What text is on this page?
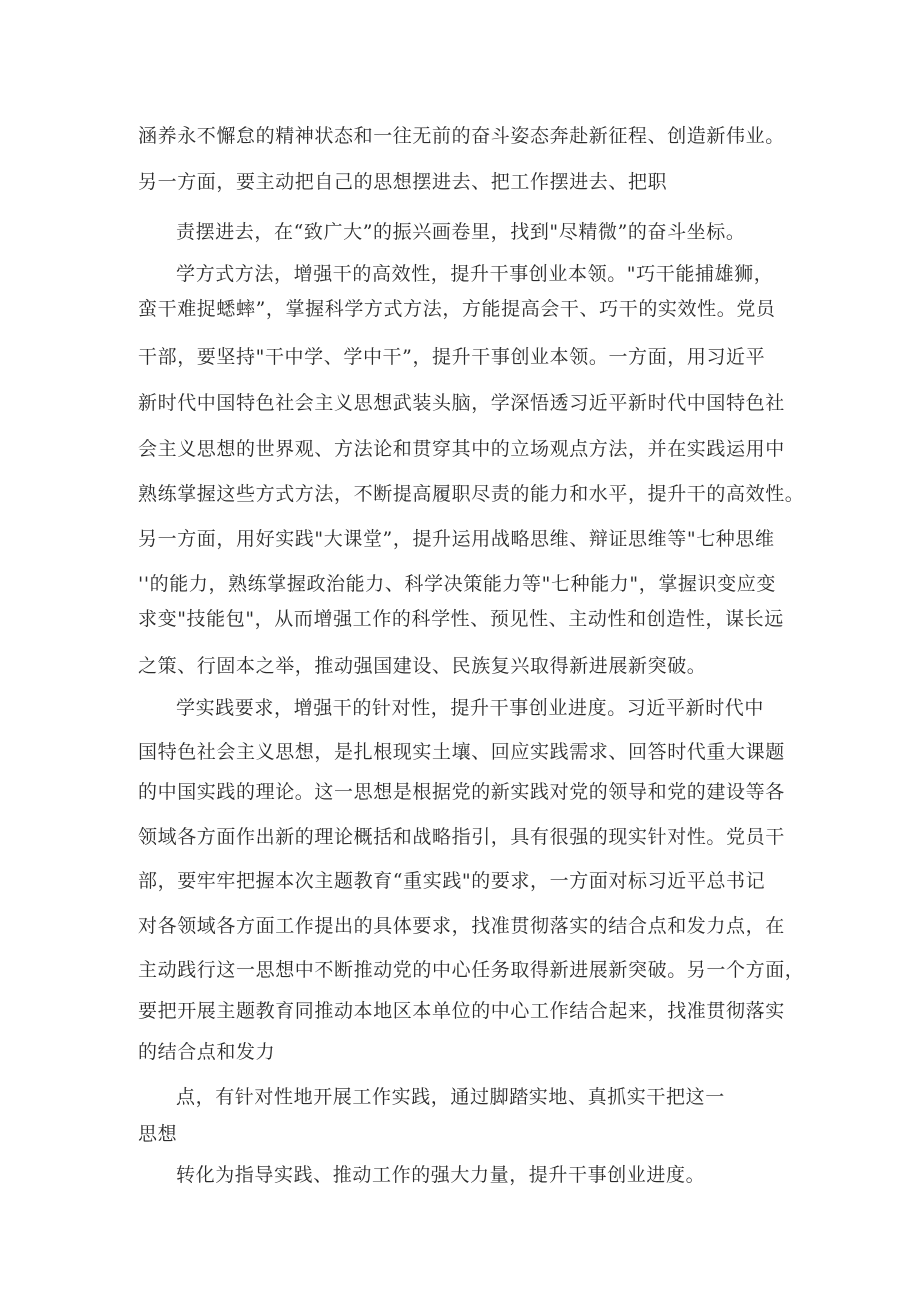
涵养永不懈怠的精神状态和一往无前的奋斗姿态奔赴新征程、创造新伟业。
另一方面，要主动把自己的思想摆进去、把工作摆进去、把职
责摆进去，在“致广大”的振兴画卷里，找到"尽精微”的奋斗坐标。
学方式方法，增强干的高效性，提升干事创业本领。"巧干能捕雄狮，
蛮干难捉蟋蟀”，掌握科学方式方法，方能提高会干、巧干的实效性。党员
干部，要坚持"干中学、学中干”，提升干事创业本领。一方面，用习近平
新时代中国特色社会主义思想武装头脑，学深悟透习近平新时代中国特色社
会主义思想的世界观、方法论和贯穿其中的立场观点方法，并在实践运用中
熟练掌握这些方式方法，不断提高履职尽责的能力和水平，提升干的高效性。
另一方面，用好实践"大课堂”，提升运用战略思维、辩证思维等"七种思维
''的能力，熟练掌握政治能力、科学决策能力等"七种能力"，掌握识变应变
求变"技能包"，从而增强工作的科学性、预见性、主动性和创造性，谋长远
之策、行固本之举，推动强国建设、民族复兴取得新进展新突破。
学实践要求，增强干的针对性，提升干事创业进度。习近平新时代中
国特色社会主义思想，是扎根现实土壤、回应实践需求、回答时代重大课题
的中国实践的理论。这一思想是根据党的新实践对党的领导和党的建设等各
领域各方面作出新的理论概括和战略指引，具有很强的现实针对性。党员干
部，要牢牢把握本次主题教育“重实践"的要求，一方面对标习近平总书记
对各领域各方面工作提出的具体要求，找准贯彻落实的结合点和发力点，在
主动践行这一思想中不断推动党的中心任务取得新进展新突破。另一个方面，
要把开展主题教育同推动本地区本单位的中心工作结合起来，找准贯彻落实
的结合点和发力
点，有针对性地开展工作实践，通过脚踏实地、真抓实干把这一
思想
转化为指导实践、推动工作的强大力量，提升干事创业进度。
